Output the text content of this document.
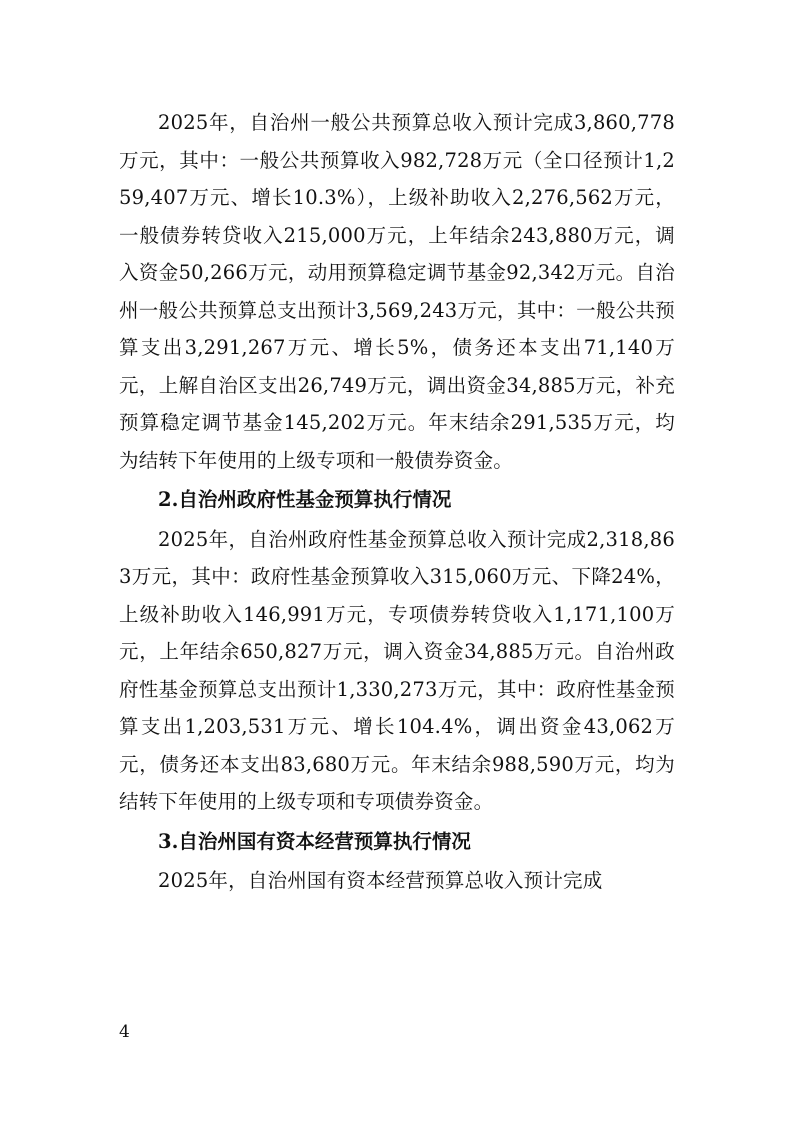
2025年，自治州一般公共预算总收入预计完成3,860,778万元，其中：一般公共预算收入982,728万元（全口径预计1,259,407万元、增长10.3%），上级补助收入2,276,562万元，一般债券转贷收入215,000万元，上年结余243,880万元，调入资金50,266万元，动用预算稳定调节基金92,342万元。自治州一般公共预算总支出预计3,569,243万元，其中：一般公共预算支出3,291,267万元、增长5%，债务还本支出71,140万元，上解自治区支出26,749万元，调出资金34,885万元，补充预算稳定调节基金145,202万元。年末结余291,535万元，均为结转下年使用的上级专项和一般债券资金。

2.自治州政府性基金预算执行情况

2025年，自治州政府性基金预算总收入预计完成2,318,863万元，其中：政府性基金预算收入315,060万元、下降24%，上级补助收入146,991万元，专项债券转贷收入1,171,100万元，上年结余650,827万元，调入资金34,885万元。自治州政府性基金预算总支出预计1,330,273万元，其中：政府性基金预算支出1,203,531万元、增长104.4%，调出资金43,062万元，债务还本支出83,680万元。年末结余988,590万元，均为结转下年使用的上级专项和专项债券资金。

3.自治州国有资本经营预算执行情况

2025年，自治州国有资本经营预算总收入预计完成

4
